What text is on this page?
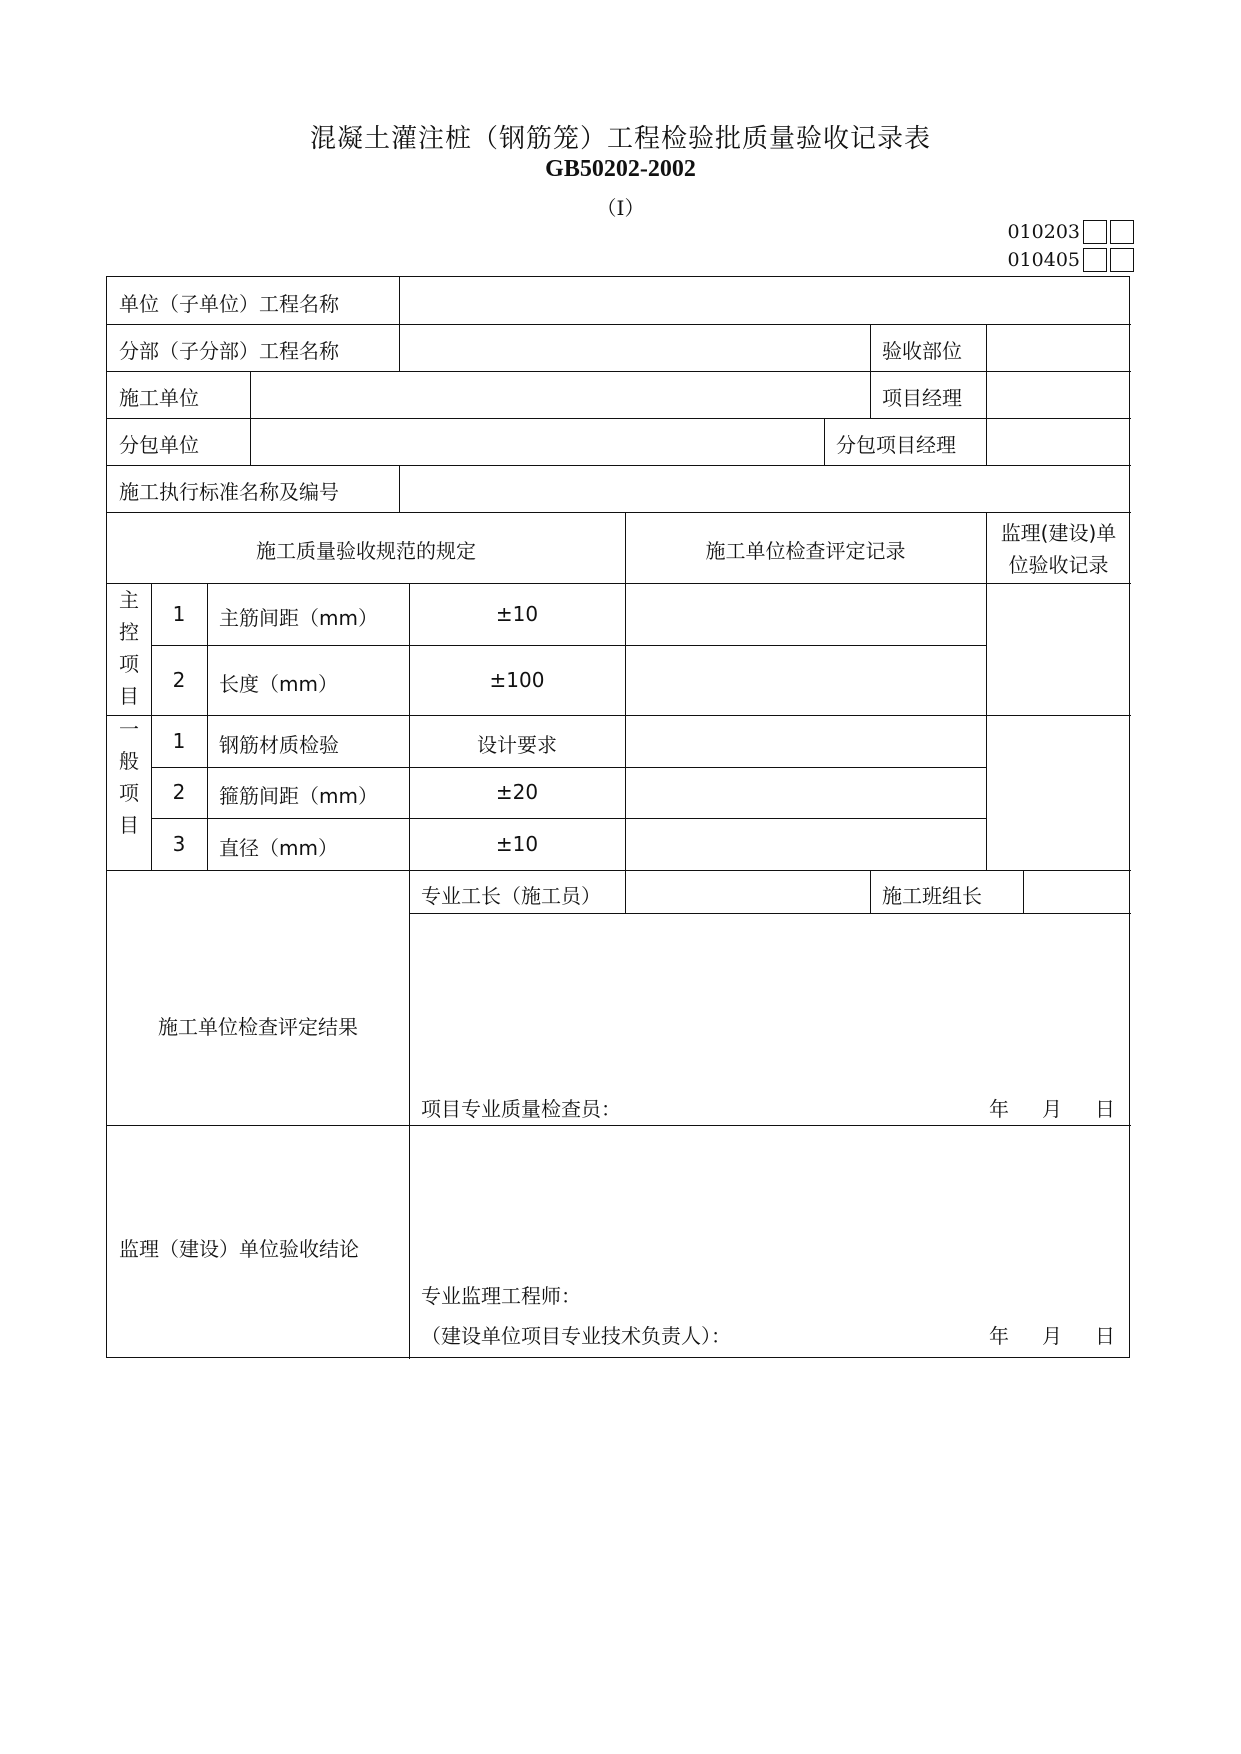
混凝土灌注桩（钢筋笼）工程检验批质量验收记录表
GB50202-2002
（Ⅰ）
010203
010405
单位（子单位）工程名称
分部（子分部）工程名称	验收部位
施工单位	项目经理
分包单位	分包项目经理
施工执行标准名称及编号
施工质量验收规范的规定	施工单位检查评定记录
监理(建设)单
位验收记录
主
控
项
目
1	主筋间距（mm）	±10
2	长度（mm）	±100
一
般
项
目
1	钢筋材质检验	设计要求
2	箍筋间距（mm）	±20
3	直径（mm）	±10
施工单位检查评定结果
专业工长（施工员）	施工班组长
项目专业质量检查员：	年 月 日
监理（建设）单位验收结论
专业监理工程师：
（建设单位项目专业技术负责人）：	年 月 日
